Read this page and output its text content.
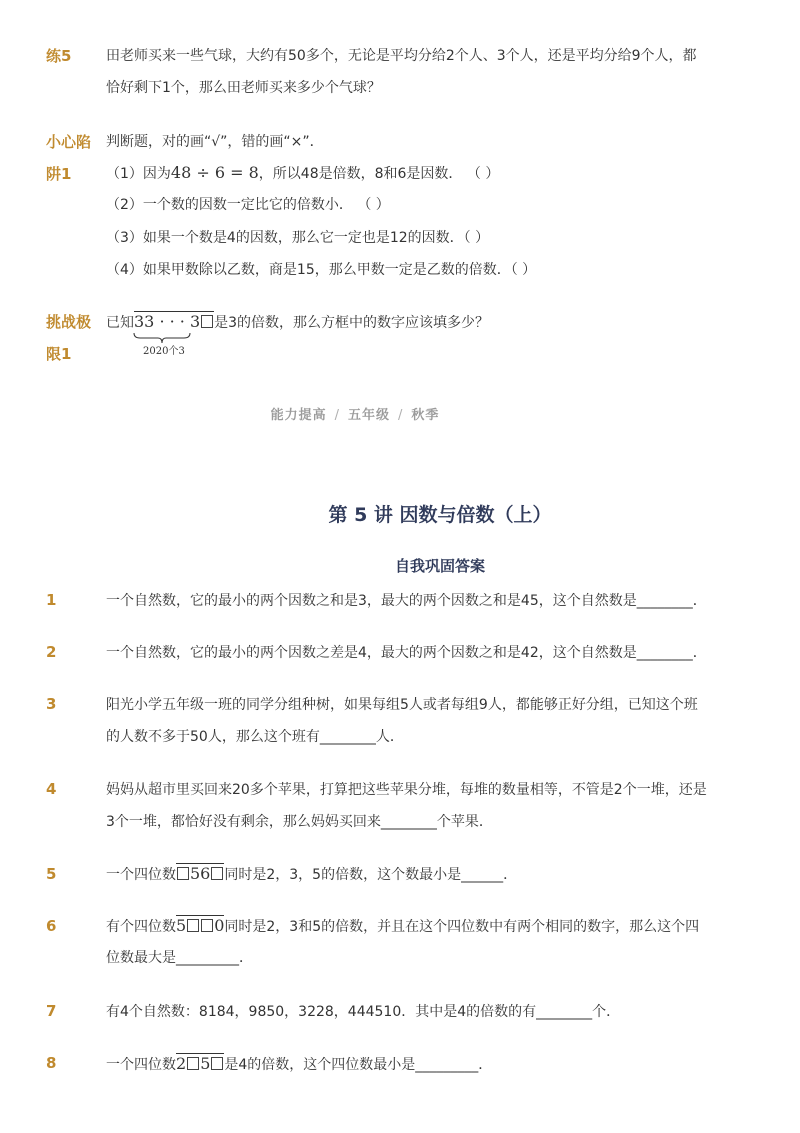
练5 田老师买来一些气球，大约有50多个，无论是平均分给2个人、3个人，还是平均分给9个人，都
恰好剩下1个，那么田老师买来多少个气球？
小心陷
阱1
判断题，对的画“√”，错的画“×”．
（1）因为48 ÷ 6 = 8，所以48是倍数，8和6是因数． （ ）
（2）一个数的因数一定比它的倍数小． （ ）
（3）如果一个数是4的因数，那么它一定也是12的因数．（ ）
（4）如果甲数除以乙数，商是15，那么甲数一定是乙数的倍数．（ ）
挑战极
限1
已知33 · · · 3 是3的倍数，那么方框中的数字应该填多少？
2020个3
能力提高 / 五年级 / 秋季
第 5 讲 因数与倍数（上）
自我巩固答案
1	一个自然数，它的最小的两个因数之和是3，最大的两个因数之和是45，这个自然数是________．
2	一个自然数，它的最小的两个因数之差是4，最大的两个因数之和是42，这个自然数是________．
3	阳光小学五年级一班的同学分组种树，如果每组5人或者每组9人，都能够正好分组，已知这个班
的人数不多于50人，那么这个班有________人．
4	妈妈从超市里买回来20多个苹果，打算把这些苹果分堆，每堆的数量相等，不管是2个一堆，还是
3个一堆，都恰好没有剩余，那么妈妈买回来________个苹果．
5	一个四位数 56 同时是2，3，5的倍数，这个数最小是______．
6	有个四位数5 0同时是2，3和5的倍数，并且在这个四位数中有两个相同的数字，那么这个四
位数最大是_________．
7	有4个自然数：8184，9850，3228，444510．其中是4的倍数的有________个．
8	一个四位数2 5 是4的倍数，这个四位数最小是_________．
